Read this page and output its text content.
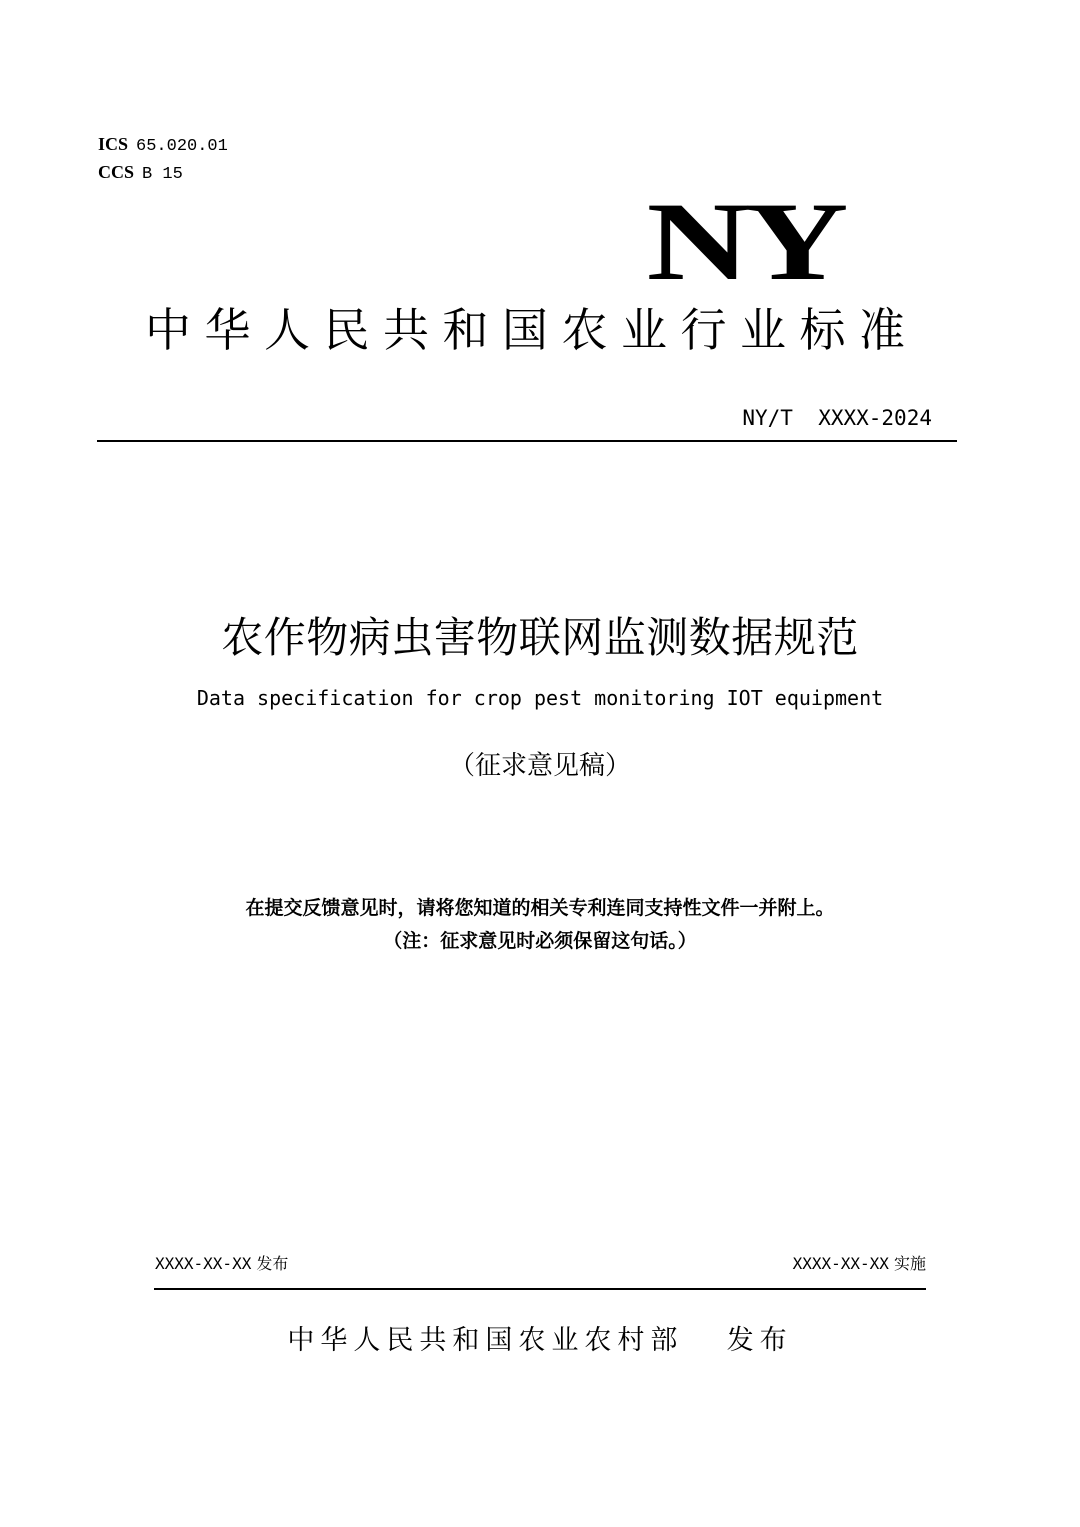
ICS 65.020.01
CCS B 15
NY
中华人民共和国农业行业标准
NY/T  XXXX-2024
农作物病虫害物联网监测数据规范
Data specification for crop pest monitoring IOT equipment
（征求意见稿）
在提交反馈意见时，请将您知道的相关专利连同支持性文件一并附上。
（注：征求意见时必须保留这句话。）
XXXX-XX-XX 发布	XXXX-XX-XX 实施
中华人民共和国农业农村部 发布
